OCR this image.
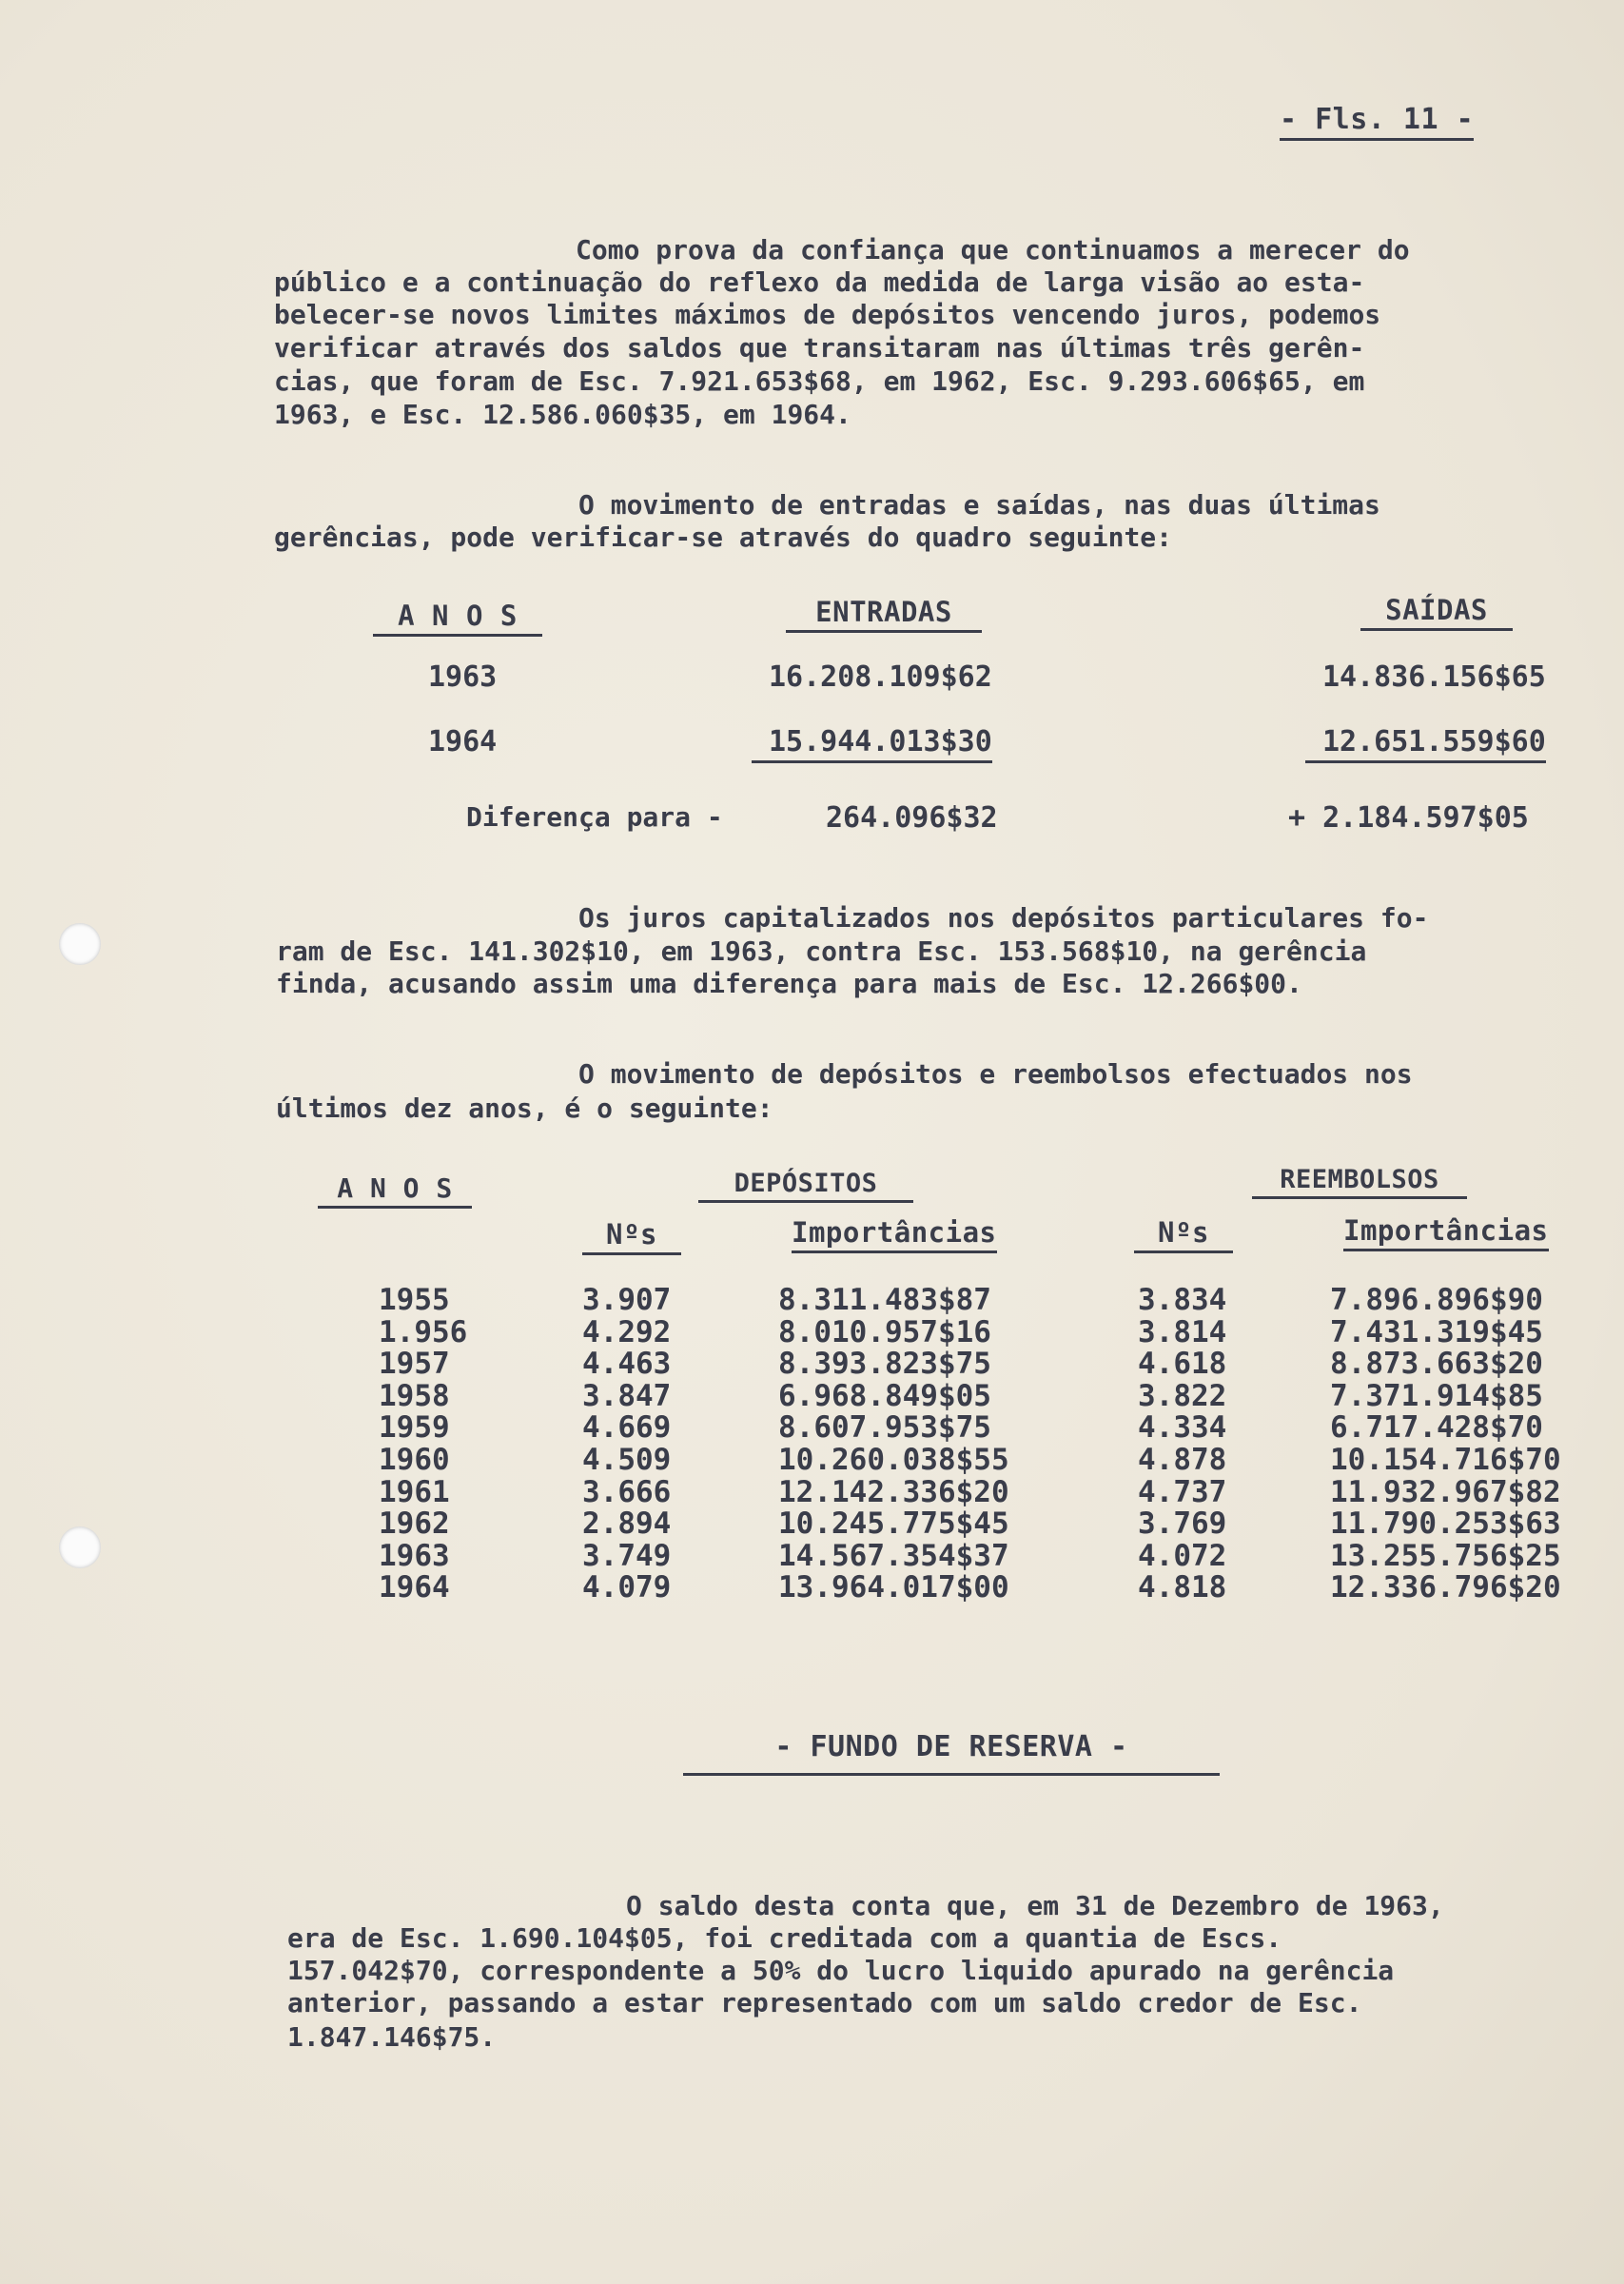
- Fls. 11 -
Como prova da confiança que continuamos a merecer do
público e a continuação do reflexo da medida de larga visão ao esta-
belecer-se novos limites máximos de depósitos vencendo juros, podemos
verificar através dos saldos que transitaram nas últimas três gerên-
cias, que foram de Esc. 7.921.653$68, em 1962, Esc. 9.293.606$65, em
1963, e Esc. 12.586.060$35, em 1964.
O movimento de entradas e saídas, nas duas últimas
gerências, pode verificar-se através do quadro seguinte:
A N O S	ENTRADAS	SAÍDAS
1963	16.208.109$62	14.836.156$65
1964	15.944.013$30	12.651.559$60
Diferença para -	264.096$32	+ 2.184.597$05
Os juros capitalizados nos depósitos particulares fo-
ram de Esc. 141.302$10, em 1963, contra Esc. 153.568$10, na gerência
finda, acusando assim uma diferença para mais de Esc. 12.266$00.
O movimento de depósitos e reembolsos efectuados nos
últimos dez anos, é o seguinte:
A N O S	DEPÓSITOS	REEMBOLSOS
Nºs	Importâncias	Nºs	Importâncias
1955	3.907	8.311.483$87	3.834	7.896.896$90
1.956	4.292	8.010.957$16	3.814	7.431.319$45
1957	4.463	8.393.823$75	4.618	8.873.663$20
1958	3.847	6.968.849$05	3.822	7.371.914$85
1959	4.669	8.607.953$75	4.334	6.717.428$70
1960	4.509	10.260.038$55	4.878	10.154.716$70
1961	3.666	12.142.336$20	4.737	11.932.967$82
1962	2.894	10.245.775$45	3.769	11.790.253$63
1963	3.749	14.567.354$37	4.072	13.255.756$25
1964	4.079	13.964.017$00	4.818	12.336.796$20
- FUNDO DE RESERVA -
O saldo desta conta que, em 31 de Dezembro de 1963,
era de Esc. 1.690.104$05, foi creditada com a quantia de Escs.
157.042$70, correspondente a 50% do lucro liquido apurado na gerência
anterior, passando a estar representado com um saldo credor de Esc.
1.847.146$75.
